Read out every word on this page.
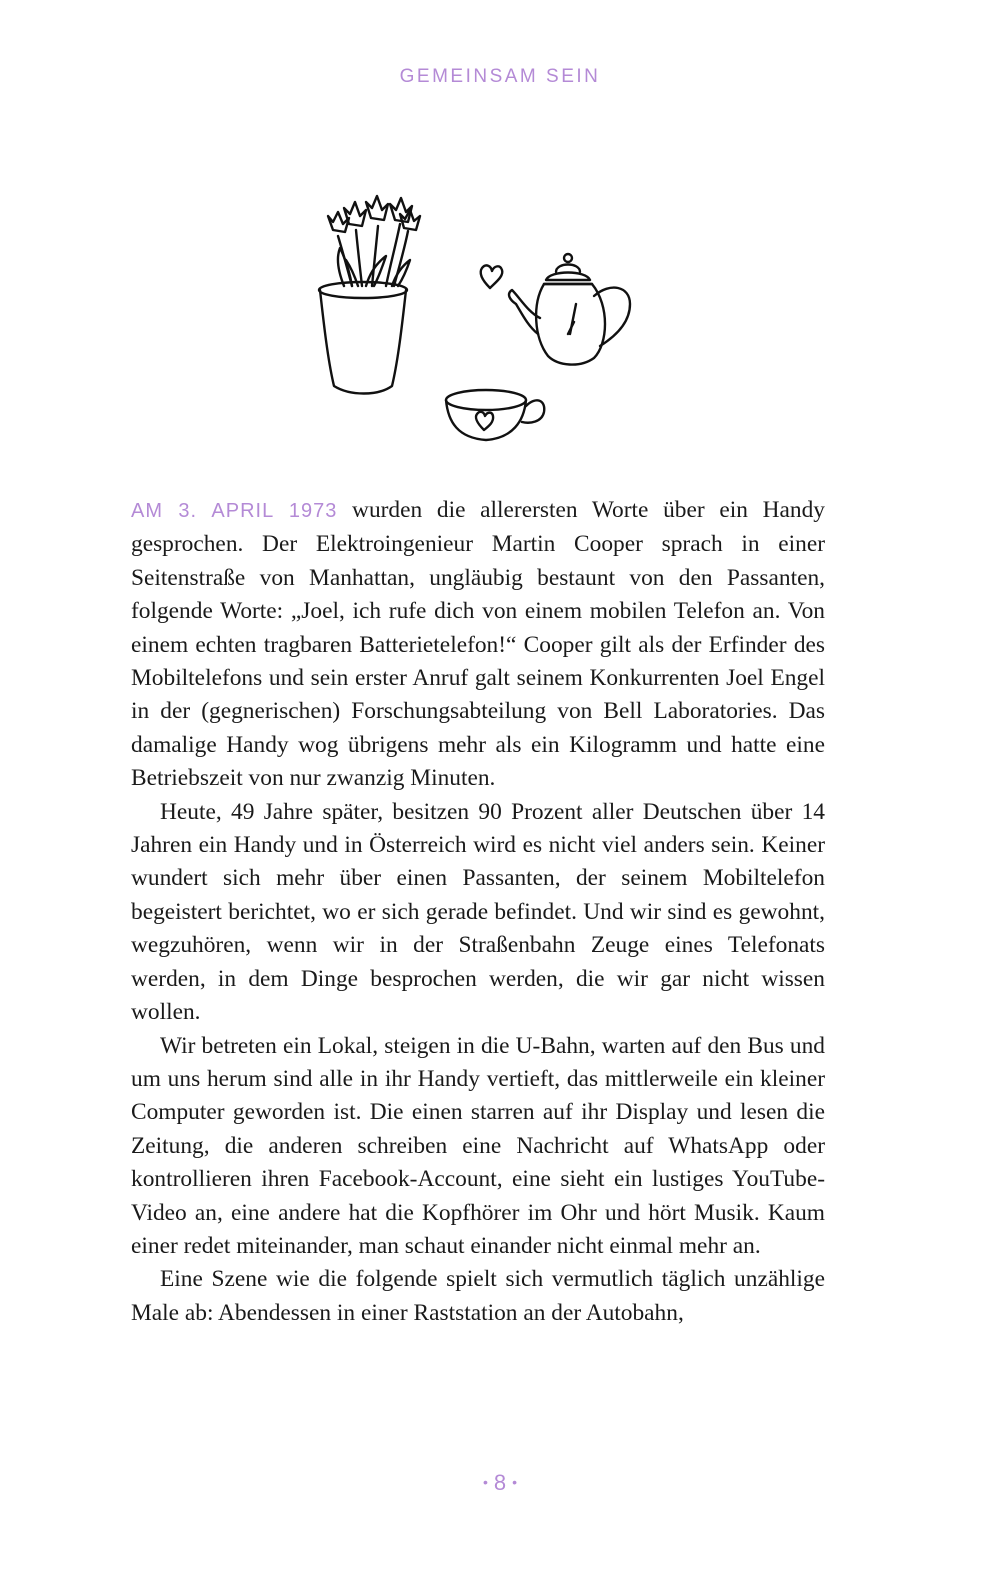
GEMEINSAM SEIN

AM 3. APRIL 1973 wurden die allerersten Worte über ein Handy gesprochen. Der Elektroingenieur Martin Cooper sprach in einer Seitenstraße von Manhattan, ungläubig bestaunt von den Passanten, folgende Worte: „Joel, ich rufe dich von einem mobilen Telefon an. Von einem echten tragbaren Batterietelefon!“ Cooper gilt als der Erfinder des Mobiltelefons und sein erster Anruf galt seinem Konkurrenten Joel Engel in der (gegnerischen) Forschungsabteilung von Bell Laboratories. Das damalige Handy wog übrigens mehr als ein Kilogramm und hatte eine Betriebszeit von nur zwanzig Minuten.

Heute, 49 Jahre später, besitzen 90 Prozent aller Deutschen über 14 Jahren ein Handy und in Österreich wird es nicht viel anders sein. Keiner wundert sich mehr über einen Passanten, der seinem Mobiltelefon begeistert berichtet, wo er sich gerade befindet. Und wir sind es gewohnt, wegzuhören, wenn wir in der Straßenbahn Zeuge eines Telefonats werden, in dem Dinge besprochen werden, die wir gar nicht wissen wollen.

Wir betreten ein Lokal, steigen in die U-Bahn, warten auf den Bus und um uns herum sind alle in ihr Handy vertieft, das mittlerweile ein kleiner Computer geworden ist. Die einen starren auf ihr Display und lesen die Zeitung, die anderen schreiben eine Nachricht auf WhatsApp oder kontrollieren ihren Facebook-Account, eine sieht ein lustiges YouTube-Video an, eine andere hat die Kopfhörer im Ohr und hört Musik. Kaum einer redet miteinander, man schaut einander nicht einmal mehr an.

Eine Szene wie die folgende spielt sich vermutlich täglich unzählige Male ab: Abendessen in einer Raststation an der Autobahn,

• 8 •
